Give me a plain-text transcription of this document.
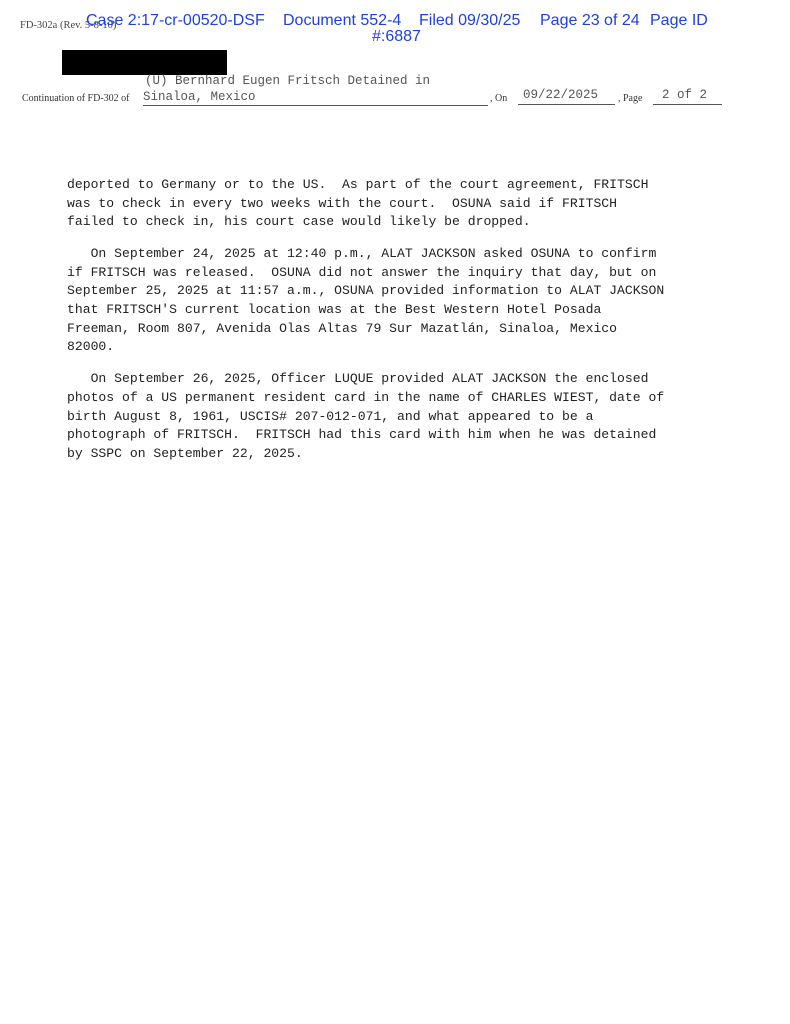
FD-302a (Rev. 5-8-10)
Case 2:17-cr-00520-DSF Document 552-4 Filed 09/30/25 Page 23 of 24 Page ID
#:6887
Continuation of FD-302 of
(U) Bernhard Eugen Fritsch Detained in
Sinaloa, Mexico	, On	09/22/2025	, Page	2 of 2

deported to Germany or to the US.  As part of the court agreement, FRITSCH
was to check in every two weeks with the court.  OSUNA said if FRITSCH
failed to check in, his court case would likely be dropped.

On September 24, 2025 at 12:40 p.m., ALAT JACKSON asked OSUNA to confirm
if FRITSCH was released.  OSUNA did not answer the inquiry that day, but on
September 25, 2025 at 11:57 a.m., OSUNA provided information to ALAT JACKSON
that FRITSCH'S current location was at the Best Western Hotel Posada
Freeman, Room 807, Avenida Olas Altas 79 Sur Mazatlán, Sinaloa, Mexico
82000.

On September 26, 2025, Officer LUQUE provided ALAT JACKSON the enclosed
photos of a US permanent resident card in the name of CHARLES WIEST, date of
birth August 8, 1961, USCIS# 207-012-071, and what appeared to be a
photograph of FRITSCH.  FRITSCH had this card with him when he was detained
by SSPC on September 22, 2025.
